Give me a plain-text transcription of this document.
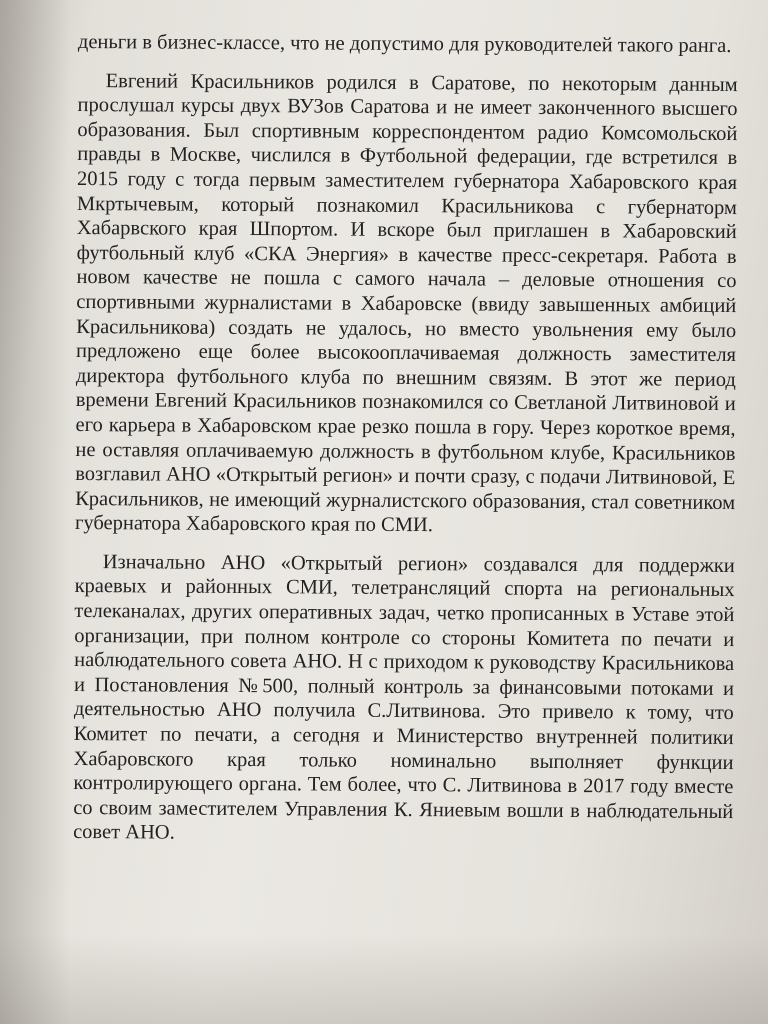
деньги в бизнес-классе, что не допустимо для руководителей такого ранга.

Евгений Красильников родился в Саратове, по некоторым данным прослушал курсы двух ВУЗов Саратова и не имеет законченного высшего образования. Был спортивным корреспондентом радио Комсомольской правды в Москве, числился в Футбольной федерации, где встретился в 2015 году с тогда первым заместителем губернатора Хабаровского края Мкртычевым, который познакомил Красильникова с губернаторм Хабарвского края Шпортом. И вскоре был приглашен в Хабаровский футбольный клуб «СКА Энергия» в качестве пресс-секретаря. Работа в новом качестве не пошла с самого начала – деловые отношения со спортивными журналистами в Хабаровске (ввиду завышенных амбиций Красильникова) создать не удалось, но вместо увольнения ему было предложено еще более высокооплачиваемая должность заместителя директора футбольного клуба по внешним связям. В этот же период времени Евгений Красильников познакомился со Светланой Литвиновой и его карьера в Хабаровском крае резко пошла в гору. Через короткое время, не оставляя оплачиваемую должность в футбольном клубе, Красильников возглавил АНО «Открытый регион» и почти сразу, с подачи Литвиновой, Е Красильников, не имеющий журналистского образования, стал советником губернатора Хабаровского края по СМИ.

Изначально АНО «Открытый регион» создавался для поддержки краевых и районных СМИ, телетрансляций спорта на региональных телеканалах, других оперативных задач, четко прописанных в Уставе этой организации, при полном контроле со стороны Комитета по печати и наблюдательного совета АНО. Н с приходом к руководству Красильникова и Постановления №500, полный контроль за финансовыми потоками и деятельностью АНО получила С.Литвинова. Это привело к тому, что Комитет по печати, а сегодня и Министерство внутренней политики Хабаровского края только номинально выполняет функции контролирующего органа. Тем более, что С. Литвинова в 2017 году вместе со своим заместителем Управления К. Яниевым вошли в наблюдательный совет АНО.
